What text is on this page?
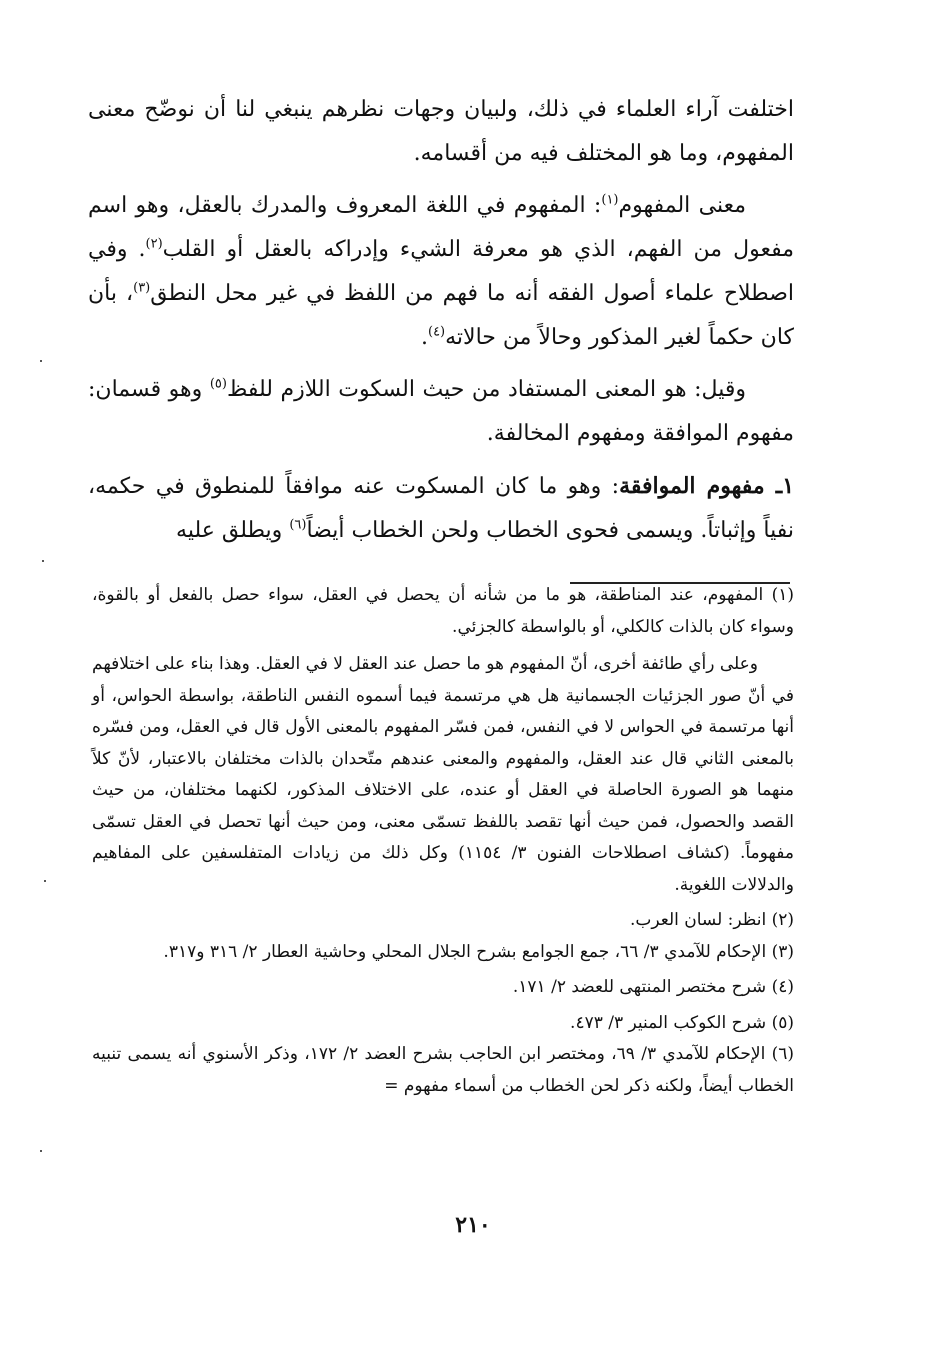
اختلفت آراء العلماء في ذلك، ولبيان وجهات نظرهم ينبغي لنا أن نوضّح معنى المفهوم، وما هو المختلف فيه من أقسامه.

معنى المفهوم$^{(١)}$: المفهوم في اللغة المعروف والمدرك بالعقل، وهو اسم مفعول من الفهم، الذي هو معرفة الشيء وإدراكه بالعقل أو القلب$^{(٢)}$. وفي اصطلاح علماء أصول الفقه أنه ما فهم من اللفظ في غير محل النطق$^{(٣)}$، بأن كان حكماً لغير المذكور وحالاً من حالاته$^{(٤)}$.

وقيل: هو المعنى المستفاد من حيث السكوت اللازم للفظ$^{(٥)}$ وهو قسمان: مفهوم الموافقة ومفهوم المخالفة.

١ـ مفهوم الموافقة: وهو ما كان المسكوت عنه موافقاً للمنطوق في حكمه، نفياً وإثباتاً. ويسمى فحوى الخطاب ولحن الخطاب أيضاً$^{(٦)}$ ويطلق عليه

(١) المفهوم، عند المناطقة، هو ما من شأنه أن يحصل في العقل، سواء حصل بالفعل أو بالقوة، وسواء كان بالذات كالكلي، أو بالواسطة كالجزئي.

وعلى رأي طائفة أخرى، أنّ المفهوم هو ما حصل عند العقل لا في العقل. وهذا بناء على اختلافهم في أنّ صور الجزئيات الجسمانية هل هي مرتسمة فيما أسموه النفس الناطقة، بواسطة الحواس، أو أنها مرتسمة في الحواس لا في النفس، فمن فسّر المفهوم بالمعنى الأول قال في العقل، ومن فسّره بالمعنى الثاني قال عند العقل، والمفهوم والمعنى عندهم متّحدان بالذات مختلفان بالاعتبار، لأنّ كلاً منهما هو الصورة الحاصلة في العقل أو عنده، على الاختلاف المذكور، لكنهما مختلفان، من حيث القصد والحصول، فمن حيث أنها تقصد باللفظ تسمّى معنى، ومن حيث أنها تحصل في العقل تسمّى مفهوماً. (كشاف اصطلاحات الفنون ٣/ ١١٥٤) وكل ذلك من زيادات المتفلسفين على المفاهيم والدلالات اللغوية.

(٢) انظر: لسان العرب.

(٣) الإحكام للآمدي ٣/ ٦٦، جمع الجوامع بشرح الجلال المحلي وحاشية العطار ٢/ ٣١٦ و٣١٧.

(٤) شرح مختصر المنتهى للعضد ٢/ ١٧١.

(٥) شرح الكوكب المنير ٣/ ٤٧٣.

(٦) الإحكام للآمدي ٣/ ٦٩، ومختصر ابن الحاجب بشرح العضد ٢/ ١٧٢، وذكر الأسنوي أنه يسمى تنبيه الخطاب أيضاً، ولكنه ذكر لحن الخطاب من أسماء مفهوم =

٢١٠
